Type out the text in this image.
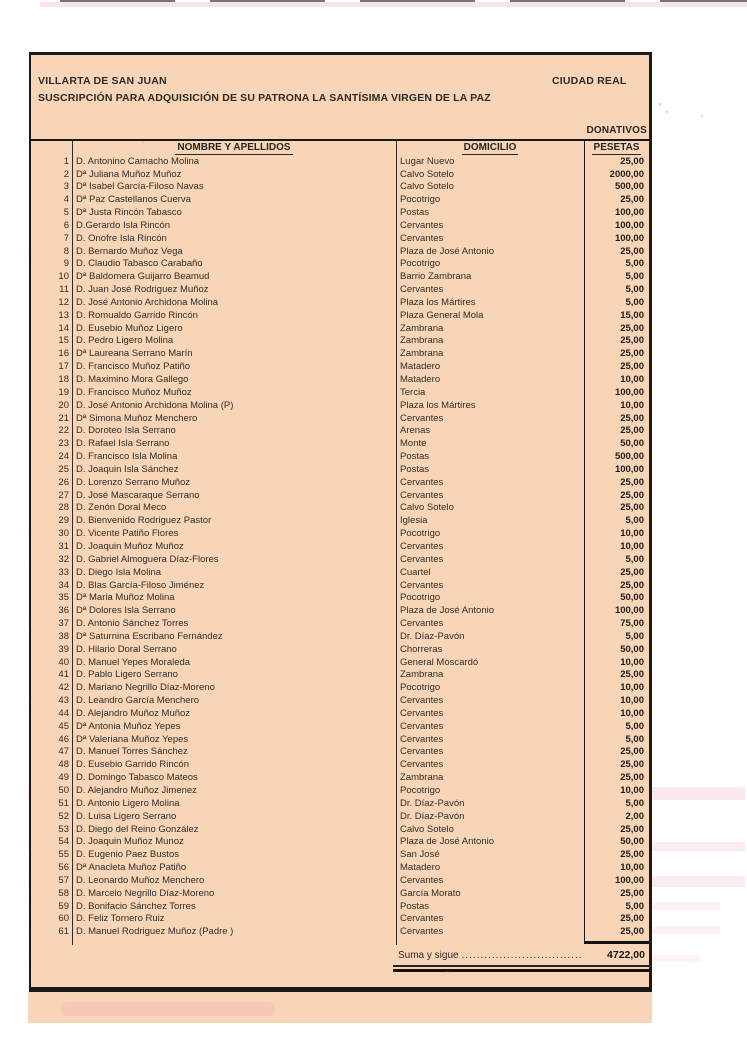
VILLARTA DE SAN JUAN	CIUDAD REAL
SUSCRIPCIÓN PARA ADQUISICIÓN DE SU PATRONA LA SANTÍSIMA VIRGEN DE LA PAZ
DONATIVOS
NOMBRE Y APELLIDOS	DOMICILIO	PESETAS
1 D. Antonino Camacho Molina	Lugar Nuevo	25,00
2 Dª Juliana Muñoz Muñoz	Calvo Sotelo	2000,00
3 Dª Isabel García-Filoso Navas	Calvo Sotelo	500,00
4 Dª Paz Castellanos Cuerva	Pocotrigo	25,00
5 Dª Justa Rincón Tabasco	Postas	100,00
6 D.Gerardo Isla Rincón	Cervantes	100,00
7 D. Onofre Isla Rincón	Cervantes	100,00
8 D. Bernardo Muñoz Vega	Plaza de José Antonio	25,00
9 D. Claudio Tabasco Carabaño	Pocotrigo	5,00
10 Dª Baldomera Guijarro Beamud	Barrio Zambrana	5,00
11 D. Juan José Rodriguez Muñoz	Cervantes	5,00
12 D. José Antonio Archidona Molina	Plaza los Mártires	5,00
13 D. Romualdo Garrido Rincón	Plaza General Mola	15,00
14 D. Eusebio Muñoz Ligero	Zambrana	25,00
15 D. Pedro Ligero Molina	Zambrana	25,00
16 Dª Laureana Serrano Marín	Zambrana	25,00
17 D. Francisco Muñoz Patiño	Matadero	25,00
18 D. Maximino Mora Gallego	Matadero	10,00
19 D. Francisco Muñoz Muñoz	Tercia	100,00
20 D. José Antonio Archidona Molina (P)	Plaza los Mártires	10,00
21 Dª Simona Muñoz Menchero	Cervantes	25,00
22 D. Doroteo Isla Serrano	Arenas	25,00
23 D. Rafael Isla Serrano	Monte	50,00
24 D. Francisco Isla Molina	Postas	500,00
25 D. Joaquin Isla Sánchez	Postas	100,00
26 D. Lorenzo Serrano Muñoz	Cervantes	25,00
27 D. José Mascaraque Serrano	Cervantes	25,00
28 D. Zenón Doral Meco	Calvo Sotelo	25,00
29 D. Bienvenido Rodriguez Pastor	Iglesia	5,00
30 D. Vicente Patiño Flores	Pocotrigo	10,00
31 D. Joaquin Muñoz Muñoz	Cervantes	10,00
32 D. Gabriel Almoguera Díaz-Flores	Cervantes	5,00
33 D. Diego Isla Molina	Cuartel	25,00
34 D. Blas García-Filoso Jiménez	Cervantes	25,00
35 Dª Maria Muñoz Molina	Pocotrigo	50,00
36 Dª Dolores Isla Serrano	Plaza de José Antonio	100,00
37 D. Antonio Sánchez Torres	Cervantes	75,00
38 Dª Saturnina Escribano Fernández	Dr. Díaz-Pavón	5,00
39 D. Hilario Doral Serrano	Chorreras	50,00
40 D. Manuel Yepes Moraleda	General Moscardó	10,00
41 D. Pablo Ligero Serrano	Zambrana	25,00
42 D. Mariano Negrillo Díaz-Moreno	Pocotrigo	10,00
43 D. Leandro García Menchero	Cervantes	10,00
44 D. Alejandro Muñoz Muñoz	Cervantes	10,00
45 Dª Antonia Muñoz Yepes	Cervantes	5,00
46 Dª Valeriana Muñoz Yepes	Cervantes	5,00
47 D. Manuel Torres Sánchez	Cervantes	25,00
48 D. Eusebio Garrido Rincón	Cervantes	25,00
49 D. Domingo Tabasco Mateos	Zambrana	25,00
50 D. Alejandro Muñoz Jimenez	Pocotrigo	10,00
51 D. Antonio Ligero Molina	Dr. Díaz-Pavón	5,00
52 D. Luisa Ligero Serrano	Dr. Díaz-Pavón	2,00
53 D. Diego del Reino González	Calvo Sotelo	25,00
54 D. Joaquin Muñoz Munoz	Plaza de José Antonio	50,00
55 D. Eugenio Paez Bustos	San José	25,00
56 Dª Anacleta Muñoz Patiño	Matadero	10,00
57 D. Leonardo Muñoz Menchero	Cervantes	100,00
58 D. Marcelo Negrillo Díaz-Moreno	García Morato	25,00
59 D. Bonifacio Sánchez Torres	Postas	5,00
60 D. Feliz Tornero Ruiz	Cervantes	25,00
61 D. Manuel Rodriguez Muñoz (Padre )	Cervantes	25,00
Suma y sigue ................................	4722,00
' ,
·
·
~
